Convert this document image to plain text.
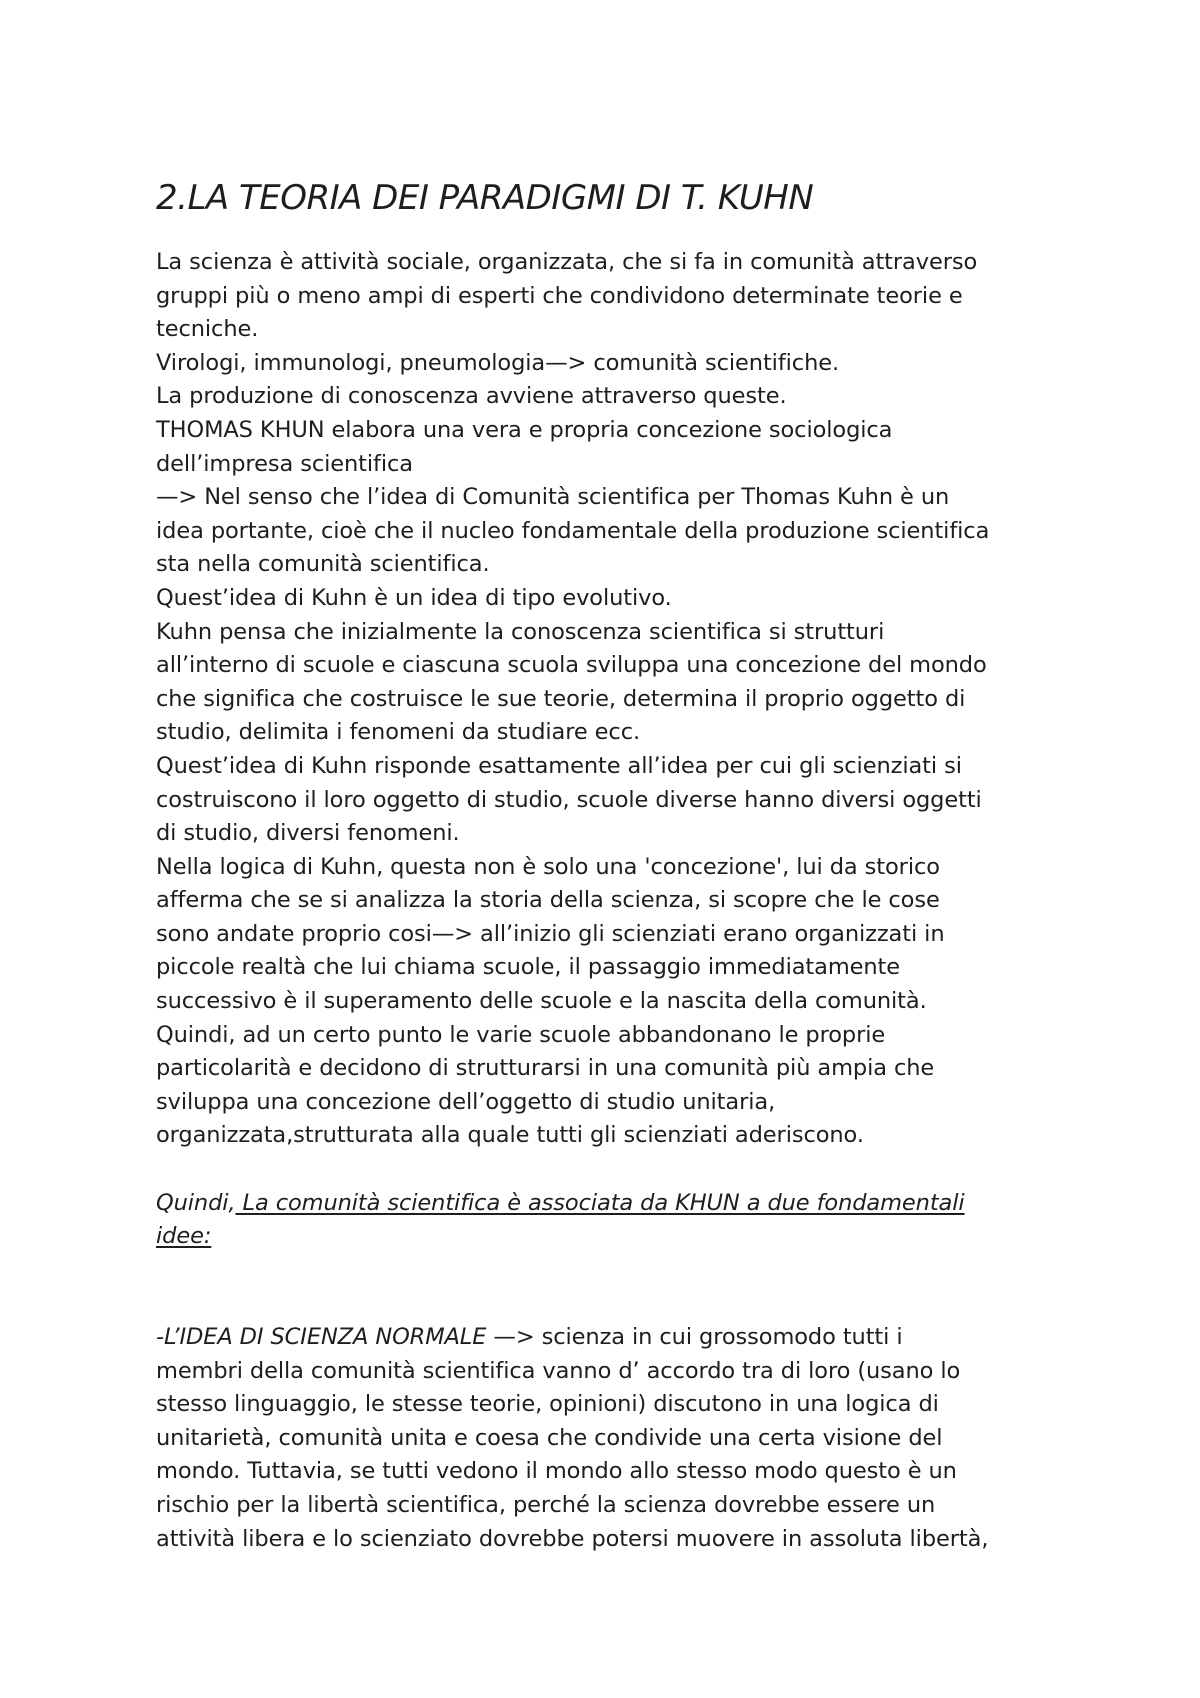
2.LA TEORIA DEI PARADIGMI DI T. KUHN
La scienza è attività sociale, organizzata, che si fa in comunità attraverso
gruppi più o meno ampi di esperti che condividono determinate teorie e
tecniche.
Virologi, immunologi, pneumologia—> comunità scientifiche.
La produzione di conoscenza avviene attraverso queste.
THOMAS KHUN elabora una vera e propria concezione sociologica
dell’impresa scientifica
—> Nel senso che l’idea di Comunità scientifica per Thomas Kuhn è un
idea portante, cioè che il nucleo fondamentale della produzione scientifica
sta nella comunità scientifica.
Quest’idea di Kuhn è un idea di tipo evolutivo.
Kuhn pensa che inizialmente la conoscenza scientifica si strutturi
all’interno di scuole e ciascuna scuola sviluppa una concezione del mondo
che significa che costruisce le sue teorie, determina il proprio oggetto di
studio, delimita i fenomeni da studiare ecc.
Quest’idea di Kuhn risponde esattamente all’idea per cui gli scienziati si
costruiscono il loro oggetto di studio, scuole diverse hanno diversi oggetti
di studio, diversi fenomeni.
Nella logica di Kuhn, questa non è solo una 'concezione', lui da storico
afferma che se si analizza la storia della scienza, si scopre che le cose
sono andate proprio cosi—> all’inizio gli scienziati erano organizzati in
piccole realtà che lui chiama scuole, il passaggio immediatamente
successivo è il superamento delle scuole e la nascita della comunità.
Quindi, ad un certo punto le varie scuole abbandonano le proprie
particolarità e decidono di strutturarsi in una comunità più ampia che
sviluppa una concezione dell’oggetto di studio unitaria,
organizzata,strutturata alla quale tutti gli scienziati aderiscono.
Quindi, La comunità scientifica è associata da KHUN a due fondamentali
idee:
-L’IDEA DI SCIENZA NORMALE —> scienza in cui grossomodo tutti i
membri della comunità scientifica vanno d’ accordo tra di loro (usano lo
stesso linguaggio, le stesse teorie, opinioni) discutono in una logica di
unitarietà, comunità unita e coesa che condivide una certa visione del
mondo. Tuttavia, se tutti vedono il mondo allo stesso modo questo è un
rischio per la libertà scientifica, perché la scienza dovrebbe essere un
attività libera e lo scienziato dovrebbe potersi muovere in assoluta libertà,
